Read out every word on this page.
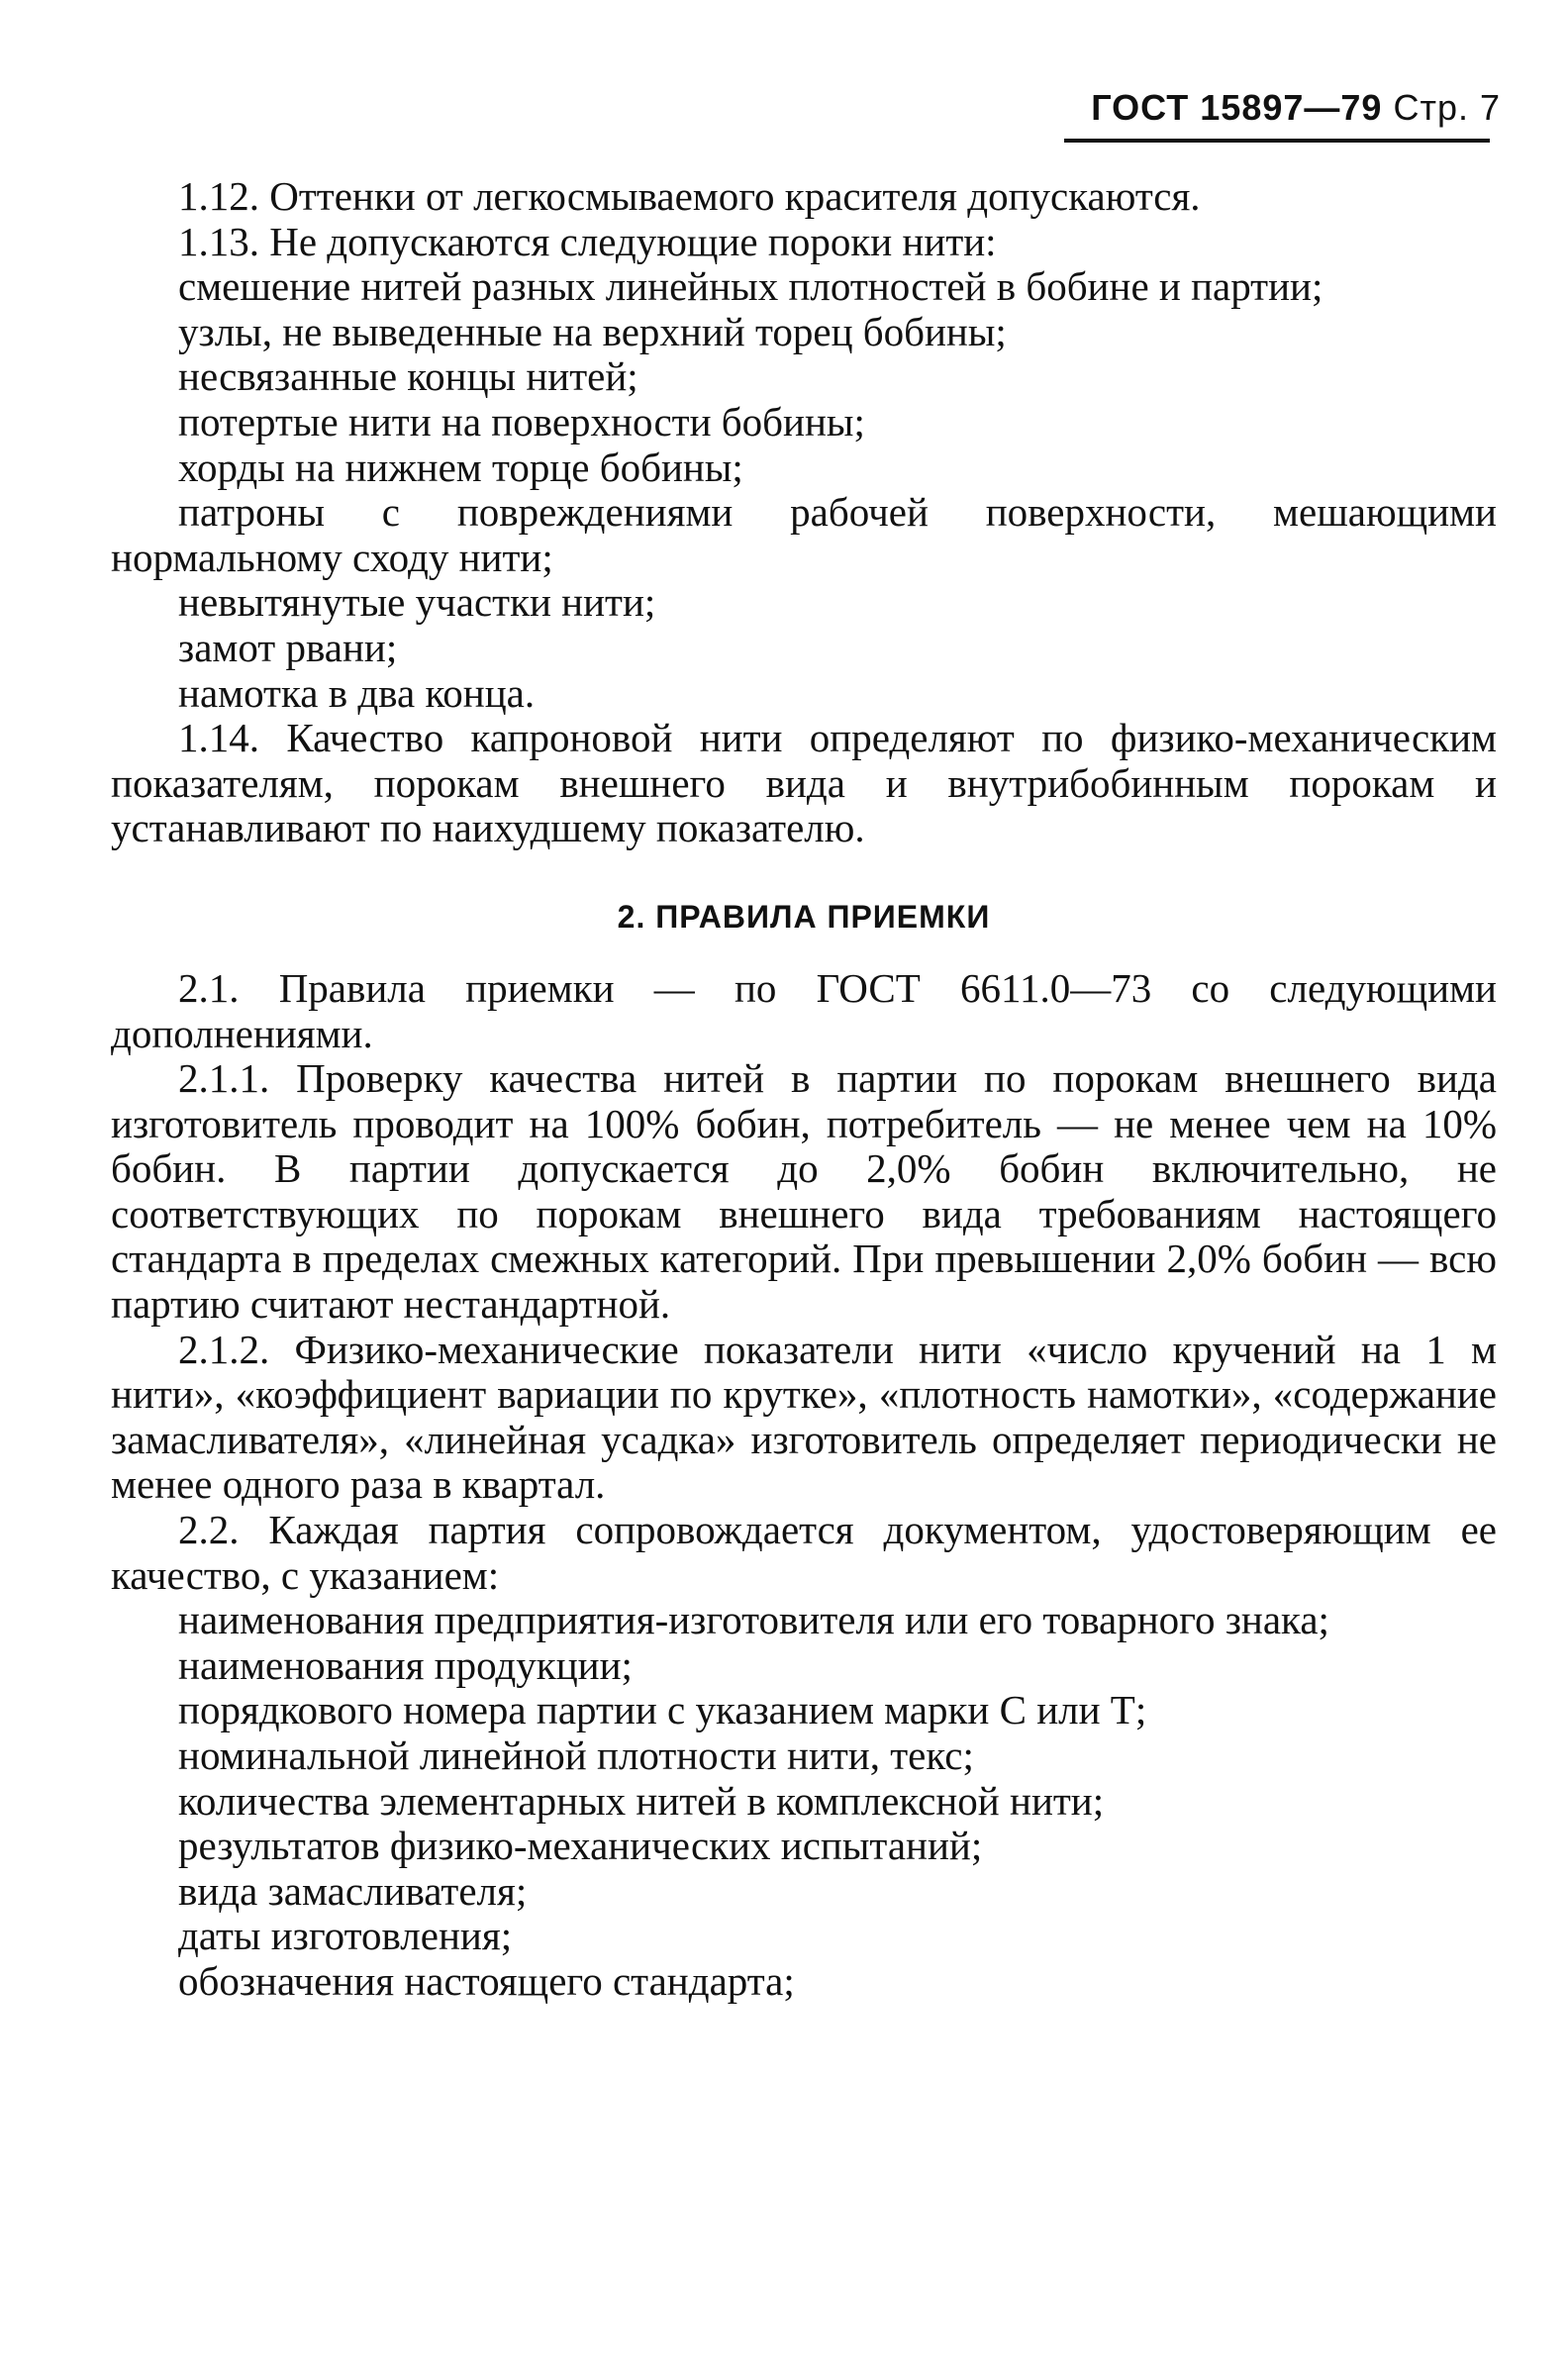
ГОСТ 15897—79 Стр. 7

1.12. Оттенки от легкосмываемого красителя допускаются.

1.13. Не допускаются следующие пороки нити:

смешение нитей разных линейных плотностей в бобине и партии;

узлы, не выведенные на верхний торец бобины;

несвязанные концы нитей;

потертые нити на поверхности бобины;

хорды на нижнем торце бобины;

патроны с повреждениями рабочей поверхности, мешающими нормальному сходу нити;

невытянутые участки нити;

замот рвани;

намотка в два конца.

1.14. Качество капроновой нити определяют по физико-механическим показателям, порокам внешнего вида и внутрибобинным порокам и устанавливают по наихудшему показателю.

2. ПРАВИЛА ПРИЕМКИ

2.1. Правила приемки — по ГОСТ 6611.0—73 со следующими дополнениями.

2.1.1. Проверку качества нитей в партии по порокам внешнего вида изготовитель проводит на 100% бобин, потребитель — не менее чем на 10% бобин. В партии допускается до 2,0% бобин включительно, не соответствующих по порокам внешнего вида требованиям настоящего стандарта в пределах смежных категорий. При превышении 2,0% бобин — всю партию считают нестандартной.

2.1.2. Физико-механические показатели нити «число кручений на 1 м нити», «коэффициент вариации по крутке», «плотность намотки», «содержание замасливателя», «линейная усадка» изготовитель определяет периодически не менее одного раза в квартал.

2.2. Каждая партия сопровождается документом, удостоверяющим ее качество, с указанием:

наименования предприятия-изготовителя или его товарного знака;

наименования продукции;

порядкового номера партии с указанием марки С или Т;

номинальной линейной плотности нити, текс;

количества элементарных нитей в комплексной нити;

результатов физико-механических испытаний;

вида замасливателя;

даты изготовления;

обозначения настоящего стандарта;
